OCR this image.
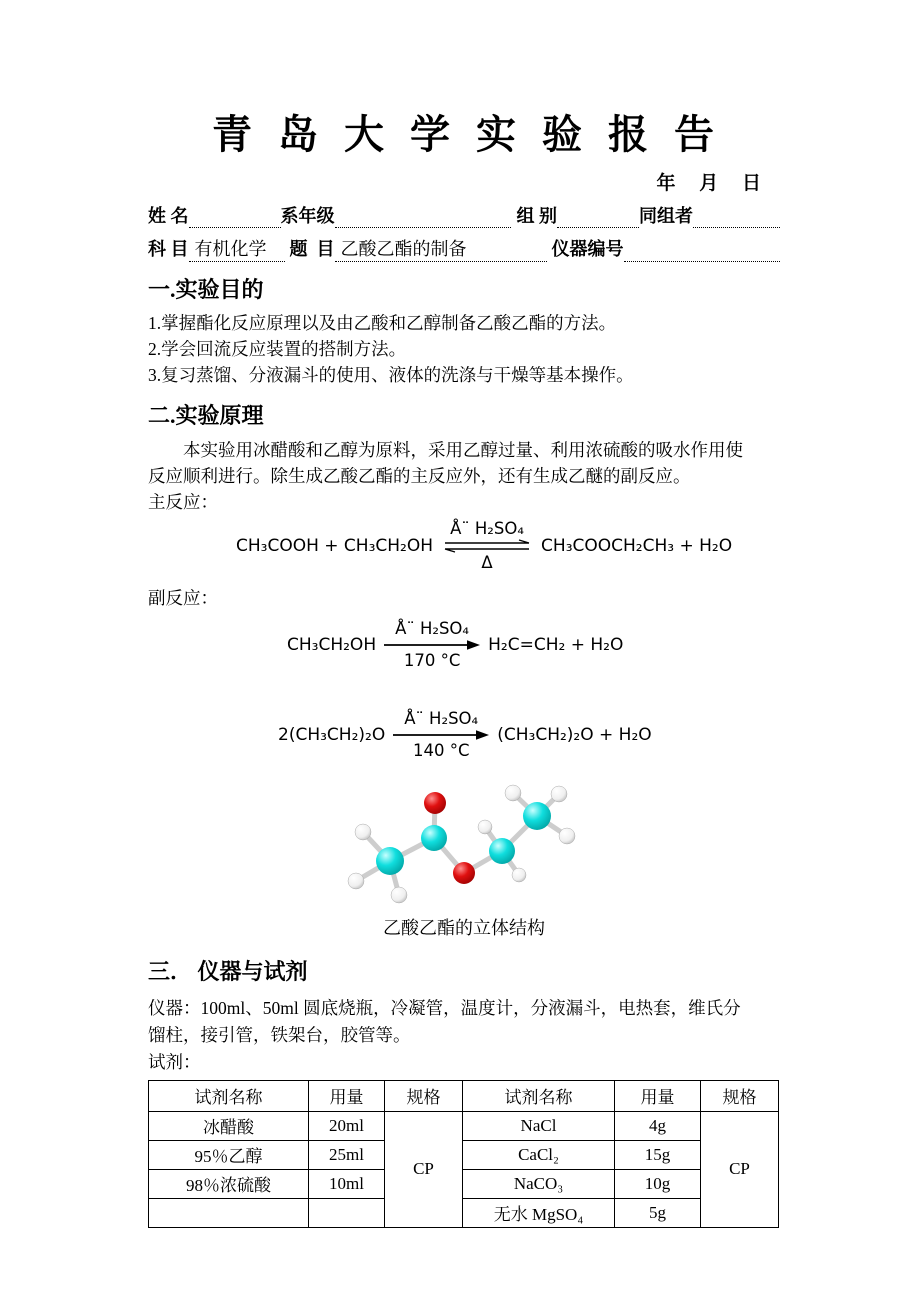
青  岛  大  学  实  验  报  告
年　 月　 日　
姓 名	系年级	组 别	同组者
科 目 有机化学	题  目 乙酸乙酯的制备	仪器编号
一.实验目的
1.掌握酯化反应原理以及由乙酸和乙醇制备乙酸乙酯的方法。
2.学会回流反应装置的搭制方法。
3.复习蒸馏、分液漏斗的使用、液体的洗涤与干燥等基本操作。
二.实验原理
　　本实验用冰醋酸和乙醇为原料，采用乙醇过量、利用浓硫酸的吸水作用使
反应顺利进行。除生成乙酸乙酯的主反应外，还有生成乙醚的副反应。
主反应：
CH₃COOH + CH₃CH₂OH
Å¨ H₂SO₄
Δ
CH₃COOCH₂CH₃ + H₂O
副反应：
CH₃CH₂OH
Å¨ H₂SO₄
170 °C
H₂C=CH₂ + H₂O
2(CH₃CH₂)₂O
Å¨ H₂SO₄
140 °C
(CH₃CH₂)₂O + H₂O
乙酸乙酯的立体结构
三． 仪器与试剂
仪器：100ml、50ml 圆底烧瓶，冷凝管，温度计，分液漏斗，电热套，维氏分
馏柱，接引管，铁架台，胶管等。
试剂：
试剂名称	用量	规格	试剂名称	用量	规格
冰醋酸	20ml	CP	NaCl	4g	CP
95％乙醇	25ml		CaCl₂	15g	
98％浓硫酸	10ml		NaCO₃	10g	
			无水 MgSO₄	5g	
